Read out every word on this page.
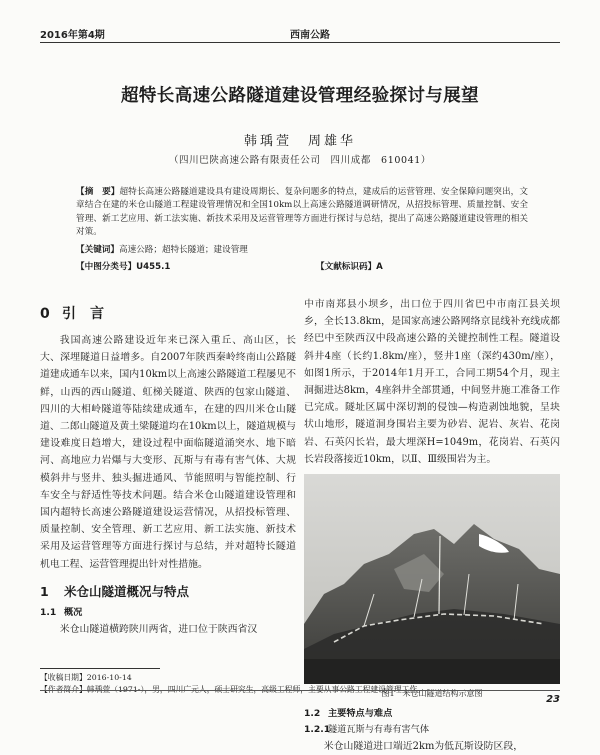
2016年第4期	西南公路
超特长高速公路隧道建设管理经验探讨与展望
韩瑀萱　周雄华
（四川巴陕高速公路有限责任公司　四川成都　610041）
【摘　要】超特长高速公路隧道建设具有建设周期长、复杂问题多的特点，建成后的运营管理、安全保障问题突出，文章结合在建的米仓山隧道工程建设管理情况和全国10km以上高速公路隧道调研情况，从招投标管理、质量控制、安全管理、新工艺应用、新工法实施、新技术采用及运营管理等方面进行探讨与总结，提出了高速公路隧道建设管理的相关对策。
【关键词】高速公路；超特长隧道；建设管理
【中图分类号】U455.1	【文献标识码】A
0 引　言

我国高速公路建设近年来已深入重丘、高山区，长大、深埋隧道日益增多。自2007年陕西秦岭终南山公路隧道建成通车以来，国内10km以上高速公路隧道工程屡见不鲜，山西的西山隧道、虹梯关隧道、陕西的包家山隧道、四川的大相岭隧道等陆续建成通车，在建的四川米仓山隧道、二郎山隧道及黄土梁隧道均在10km以上，隧道规模与建设难度日趋增大，建设过程中面临隧道涌突水、地下暗河、高地应力岩爆与大变形、瓦斯与有毒有害气体、大规模斜井与竖井、独头掘进通风、节能照明与智能控制、行车安全与舒适性等技术问题。结合米仓山隧道建设管理和国内超特长高速公路隧道建设运营情况，从招投标管理、质量控制、安全管理、新工艺应用、新工法实施、新技术采用及运营管理等方面进行探讨与总结，并对超特长隧道机电工程、运营管理提出针对性措施。

1 米仓山隧道概况与特点
1.1 概况

米仓山隧道横跨陕川两省，进口位于陕西省汉

中市南郑县小坝乡，出口位于四川省巴中市南江县关坝乡，全长13.8km，是国家高速公路网络京昆线补充线成都经巴中至陕西汉中段高速公路的关键控制性工程。隧道设斜井4座（长约1.8km/座），竖井1座（深约430m/座），如图1所示，于2014年1月开工，合同工期54个月，现主洞掘进达8km，4座斜井全部贯通，中间竖井施工准备工作已完成。隧址区属中深切割的侵蚀—构造剥蚀地貌，呈块状山地形，隧道洞身围岩主要为砂岩、泥岩、灰岩、花岗岩、石英闪长岩，最大埋深H=1049m，花岗岩、石英闪长岩段落接近10km，以Ⅱ、Ⅲ级围岩为主。

图1　米仓山隧道结构示意图
1.2 主要特点与难点
1.2.1隧道瓦斯与有毒有害气体

米仓山隧道进口端近2km为低瓦斯设防区段，

【收稿日期】2016-10-14
【作者简介】韩瑀萱（1971-），男，四川广元人，硕士研究生，高级工程师，主要从事公路工程建设管理工作。
23
